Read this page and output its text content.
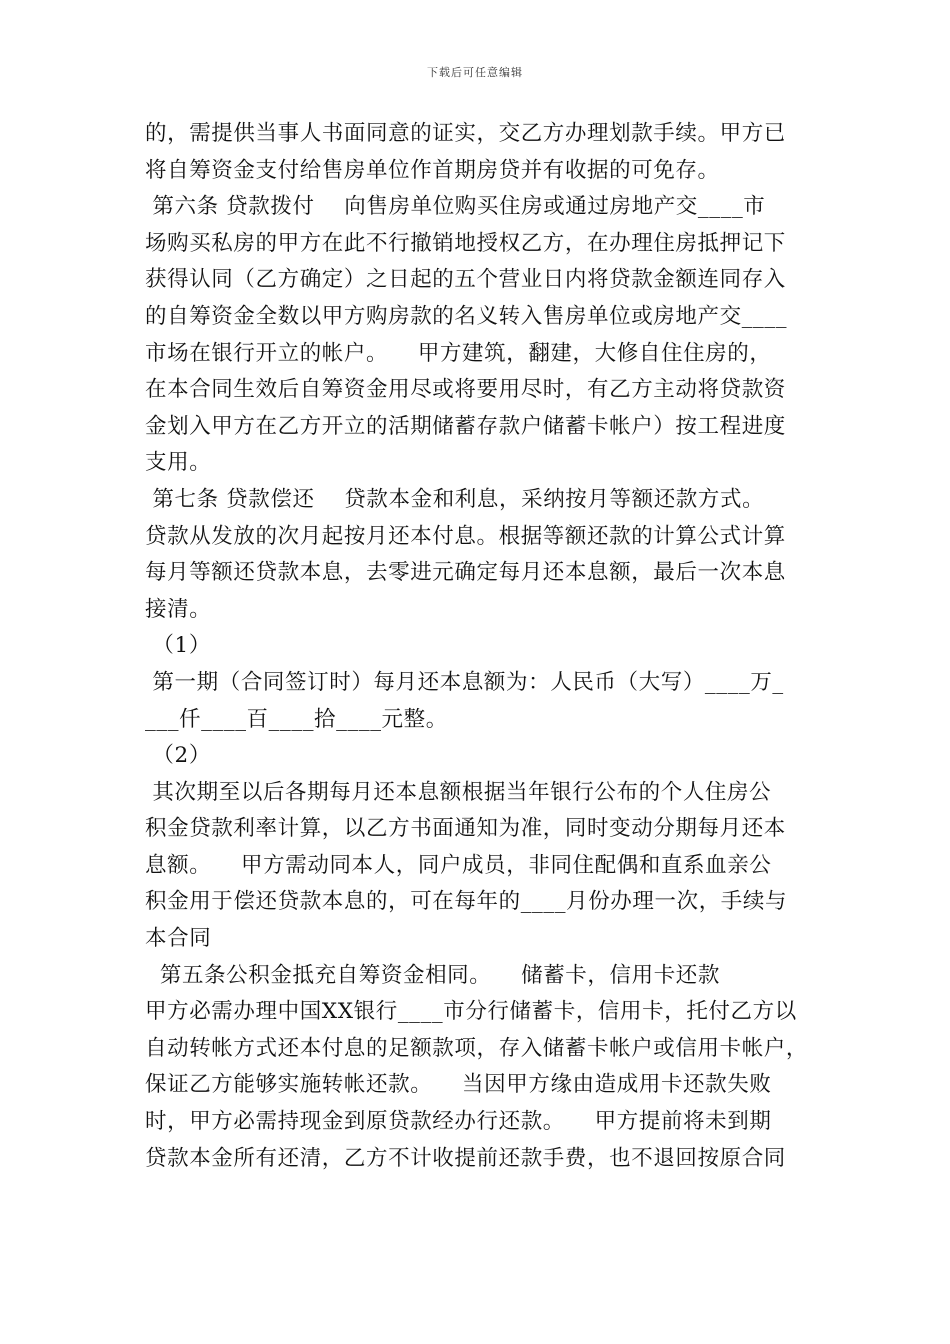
下载后可任意编辑
的，需提供当事人书面同意的证实，交乙方办理划款手续。甲方已
将自筹资金支付给售房单位作首期房贷并有收据的可免存。
第六条 贷款拨付    向售房单位购买住房或通过房地产交____市
场购买私房的甲方在此不行撤销地授权乙方，在办理住房抵押记下
获得认同（乙方确定）之日起的五个营业日内将贷款金额连同存入
的自筹资金全数以甲方购房款的名义转入售房单位或房地产交____
市场在银行开立的帐户。    甲方建筑，翻建，大修自住住房的，
在本合同生效后自筹资金用尽或将要用尽时，有乙方主动将贷款资
金划入甲方在乙方开立的活期储蓄存款户储蓄卡帐户）按工程进度
支用。
第七条 贷款偿还    贷款本金和利息，采纳按月等额还款方式。
贷款从发放的次月起按月还本付息。根据等额还款的计算公式计算
每月等额还贷款本息，去零进元确定每月还本息额，最后一次本息
接清。
（1）
第一期（合同签订时）每月还本息额为：人民币（大写）____万_
___仟____百____拾____元整。
（2）
其次期至以后各期每月还本息额根据当年银行公布的个人住房公
积金贷款利率计算，以乙方书面通知为准，同时变动分期每月还本
息额。    甲方需动同本人，同户成员，非同住配偶和直系血亲公
积金用于偿还贷款本息的，可在每年的____月份办理一次，手续与
本合同
第五条公积金抵充自筹资金相同。    储蓄卡，信用卡还款
甲方必需办理中国XX银行____市分行储蓄卡，信用卡，托付乙方以
自动转帐方式还本付息的足额款项，存入储蓄卡帐户或信用卡帐户，
保证乙方能够实施转帐还款。    当因甲方缘由造成用卡还款失败
时，甲方必需持现金到原贷款经办行还款。    甲方提前将未到期
贷款本金所有还清，乙方不计收提前还款手费，也不退回按原合同
